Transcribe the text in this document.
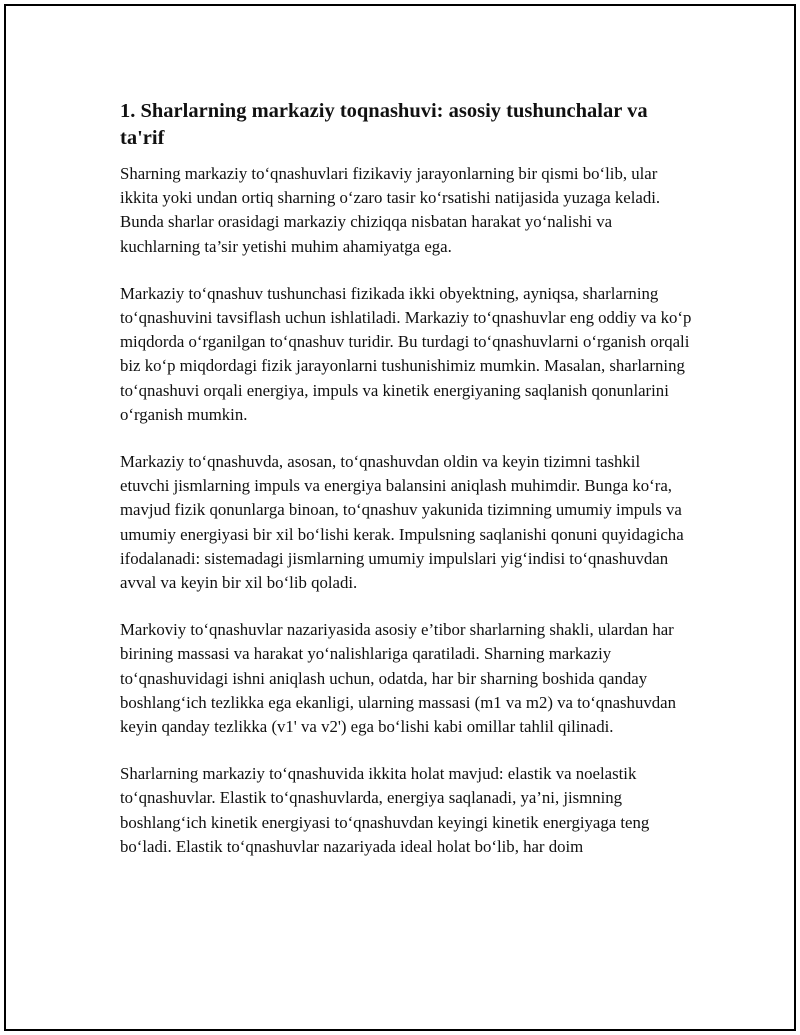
1. Sharlarning markaziy toqnashuvi: asosiy tushunchalar va ta'rif

Sharning markaziy to‘qnashuvlari fizikaviy jarayonlarning bir qismi bo‘lib, ular ikkita yoki undan ortiq sharning o‘zaro tasir ko‘rsatishi natijasida yuzaga keladi. Bunda sharlar orasidagi markaziy chiziqqa nisbatan harakat yo‘nalishi va kuchlarning ta’sir yetishi muhim ahamiyatga ega.

Markaziy to‘qnashuv tushunchasi fizikada ikki obyektning, ayniqsa, sharlarning to‘qnashuvini tavsiflash uchun ishlatiladi. Markaziy to‘qnashuvlar eng oddiy va ko‘p miqdorda o‘rganilgan to‘qnashuv turidir. Bu turdagi to‘qnashuvlarni o‘rganish orqali biz ko‘p miqdordagi fizik jarayonlarni tushunishimiz mumkin. Masalan, sharlarning to‘qnashuvi orqali energiya, impuls va kinetik energiyaning saqlanish qonunlarini o‘rganish mumkin.

Markaziy to‘qnashuvda, asosan, to‘qnashuvdan oldin va keyin tizimni tashkil etuvchi jismlarning impuls va energiya balansini aniqlash muhimdir. Bunga ko‘ra, mavjud fizik qonunlarga binoan, to‘qnashuv yakunida tizimning umumiy impuls va umumiy energiyasi bir xil bo‘lishi kerak. Impulsning saqlanishi qonuni quyidagicha ifodalanadi: sistemadagi jismlarning umumiy impulslari yig‘indisi to‘qnashuvdan avval va keyin bir xil bo‘lib qoladi.

Markoviy to‘qnashuvlar nazariyasida asosiy e’tibor sharlarning shakli, ulardan har birining massasi va harakat yo‘nalishlariga qaratiladi. Sharning markaziy to‘qnashuvidagi ishni aniqlash uchun, odatda, har bir sharning boshida qanday boshlang‘ich tezlikka ega ekanligi, ularning massasi (m1 va m2) va to‘qnashuvdan keyin qanday tezlikka (v1' va v2') ega bo‘lishi kabi omillar tahlil qilinadi.

Sharlarning markaziy to‘qnashuvida ikkita holat mavjud: elastik va noelastik to‘qnashuvlar. Elastik to‘qnashuvlarda, energiya saqlanadi, ya’ni, jismning boshlang‘ich kinetik energiyasi to‘qnashuvdan keyingi kinetik energiyaga teng bo‘ladi. Elastik to‘qnashuvlar nazariyada ideal holat bo‘lib, har doim
